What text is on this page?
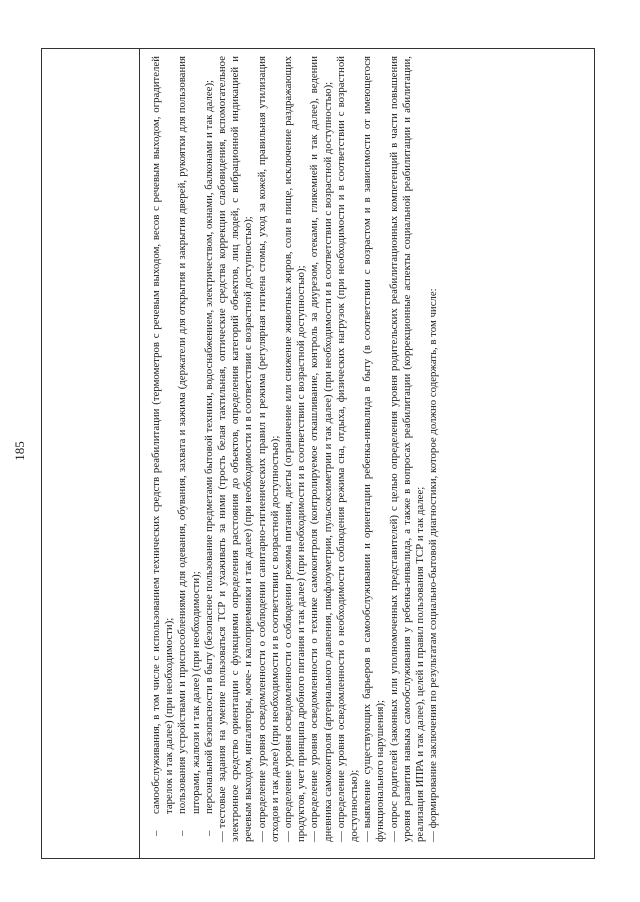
185

–
самообслуживания, в том числе с использованием технических средств реабилитации (термометров с речевым выходом, весов с речевым выходом, оградителей тарелок и так далее) (при необходимости);

–
пользования устройствами и приспособлениями для одевания, обувания, захвата и зажима (держатели для открытия и закрытия дверей, рукоятки для пользования шторами, жалюзи и так далее) (при необходимости);

–
персональной безопасности в быту (безопасное пользование предметами бытовой техники, водоснабжением, электричеством, окнами, балконами и так далее);

—тестовые задания на умение пользоваться ТСР и ухаживать за ними (трость белая тактильная, оптические средства коррекции слабовидения, вспомогательное электронное средство ориентации с функциями определения расстояния до объектов, определения категорий объектов, лиц людей, с вибрационной индикацией и речевым выходом, ингаляторы, моче- и калоприемники и так далее) (при необходимости и в соответствии с возрастной доступностью); —определение уровня осведомленности о соблюдении санитарно-гигиенических правил и режима (регулярная гигиена стомы, уход за кожей, правильная утилизация отходов и так далее) (при необходимости и в соответствии с возрастной доступностью); —определение уровня осведомленности о соблюдении режима питания, диеты (ограничение или снижение животных жиров, соли в пище, исключение раздражающих продуктов, учет принципа дробного питания и так далее) (при необходимости и в соответствии с возрастной доступностью); —определение уровня осведомленности о технике самоконтроля (контролируемое откашливание, контроль за диурезом, отеками, гликемией и так далее), ведении дневника самоконтроля (артериального давления, пикфлоуметрии, пульсоксиметрии и так далее) (при необходимости и в соответствии с возрастной доступностью); —определение уровня осведомленности о необходимости соблюдения режима сна, отдыха, физических нагрузок (при необходимости и в соответствии с возрастной доступностью); —выявление существующих барьеров в самообслуживании и ориентации ребенка-инвалида в быту (в соответствии с возрастом и в зависимости от имеющегося функционального нарушения); —опрос родителей (законных или уполномоченных представителей) с целью определения уровня родительских реабилитационных компетенций в части повышения уровня развития навыка самообслуживания у ребенка-инвалида, а также в вопросах реабилитации (коррекционные аспекты социальной реабилитации и абилитации, реализация ИПРА и так далее), целей и правил пользования ТСР и так далее; —формирование заключения по результатам социально-бытовой диагностики, которое должно содержать, в том числе:
